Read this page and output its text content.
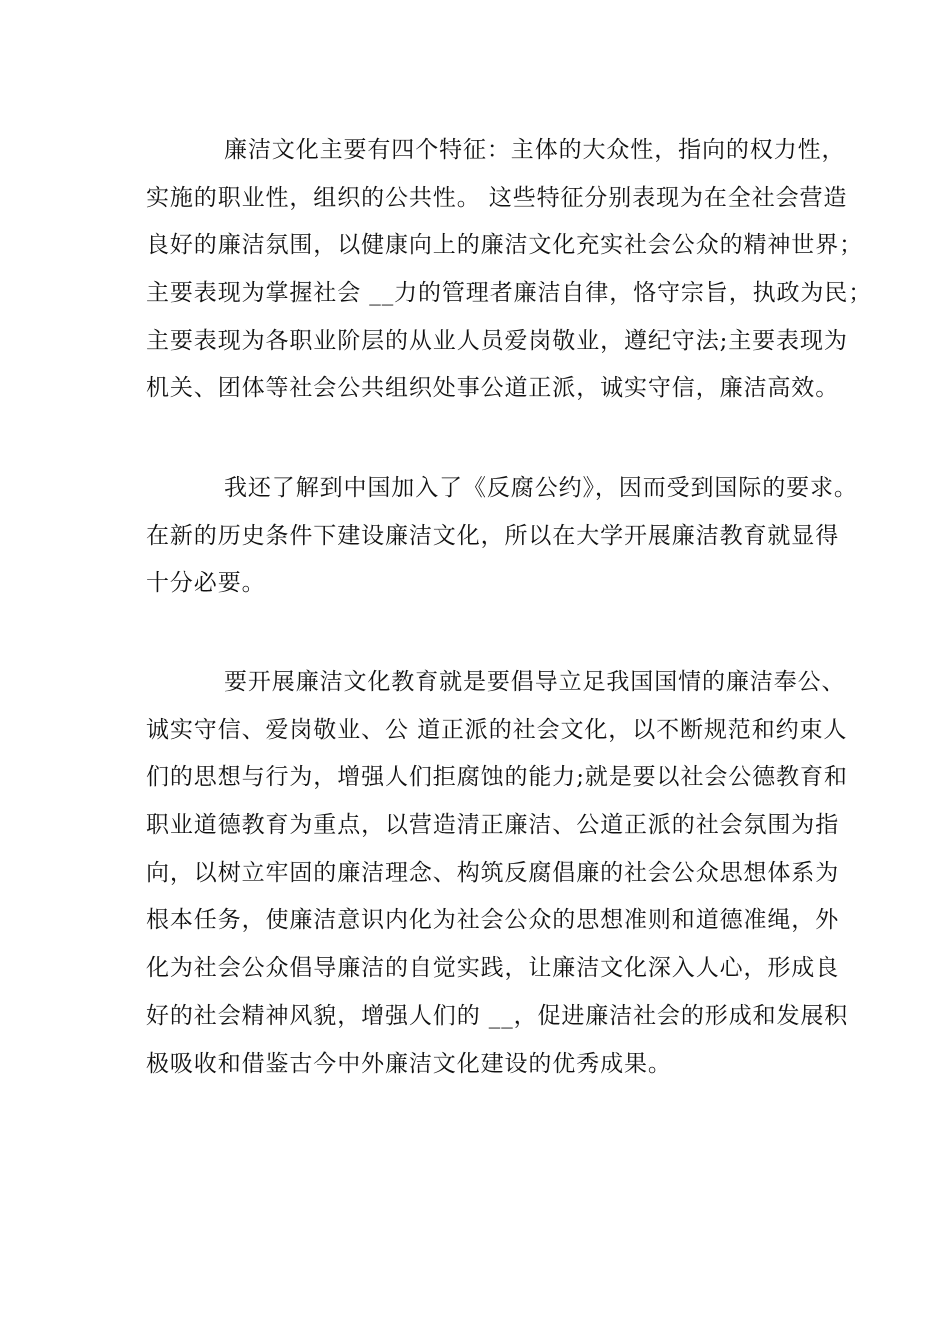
廉洁文化主要有四个特征：主体的大众性，指向的权力性，
实施的职业性，组织的公共性。 这些特征分别表现为在全社会营造
良好的廉洁氛围，以健康向上的廉洁文化充实社会公众的精神世界；
主要表现为掌握社会 __力的管理者廉洁自律，恪守宗旨，执政为民；
主要表现为各职业阶层的从业人员爱岗敬业，遵纪守法;主要表现为
机关、团体等社会公共组织处事公道正派，诚实守信，廉洁高效。
我还了解到中国加入了《反腐公约》，因而受到国际的要求。
在新的历史条件下建设廉洁文化，所以在大学开展廉洁教育就显得
十分必要。
要开展廉洁文化教育就是要倡导立足我国国情的廉洁奉公、
诚实守信、爱岗敬业、公 道正派的社会文化，以不断规范和约束人
们的思想与行为，增强人们拒腐蚀的能力;就是要以社会公德教育和
职业道德教育为重点，以营造清正廉洁、公道正派的社会氛围为指
向，以树立牢固的廉洁理念、构筑反腐倡廉的社会公众思想体系为
根本任务，使廉洁意识内化为社会公众的思想准则和道德准绳，外
化为社会公众倡导廉洁的自觉实践，让廉洁文化深入人心，形成良
好的社会精神风貌，增强人们的 __，促进廉洁社会的形成和发展积
极吸收和借鉴古今中外廉洁文化建设的优秀成果。
